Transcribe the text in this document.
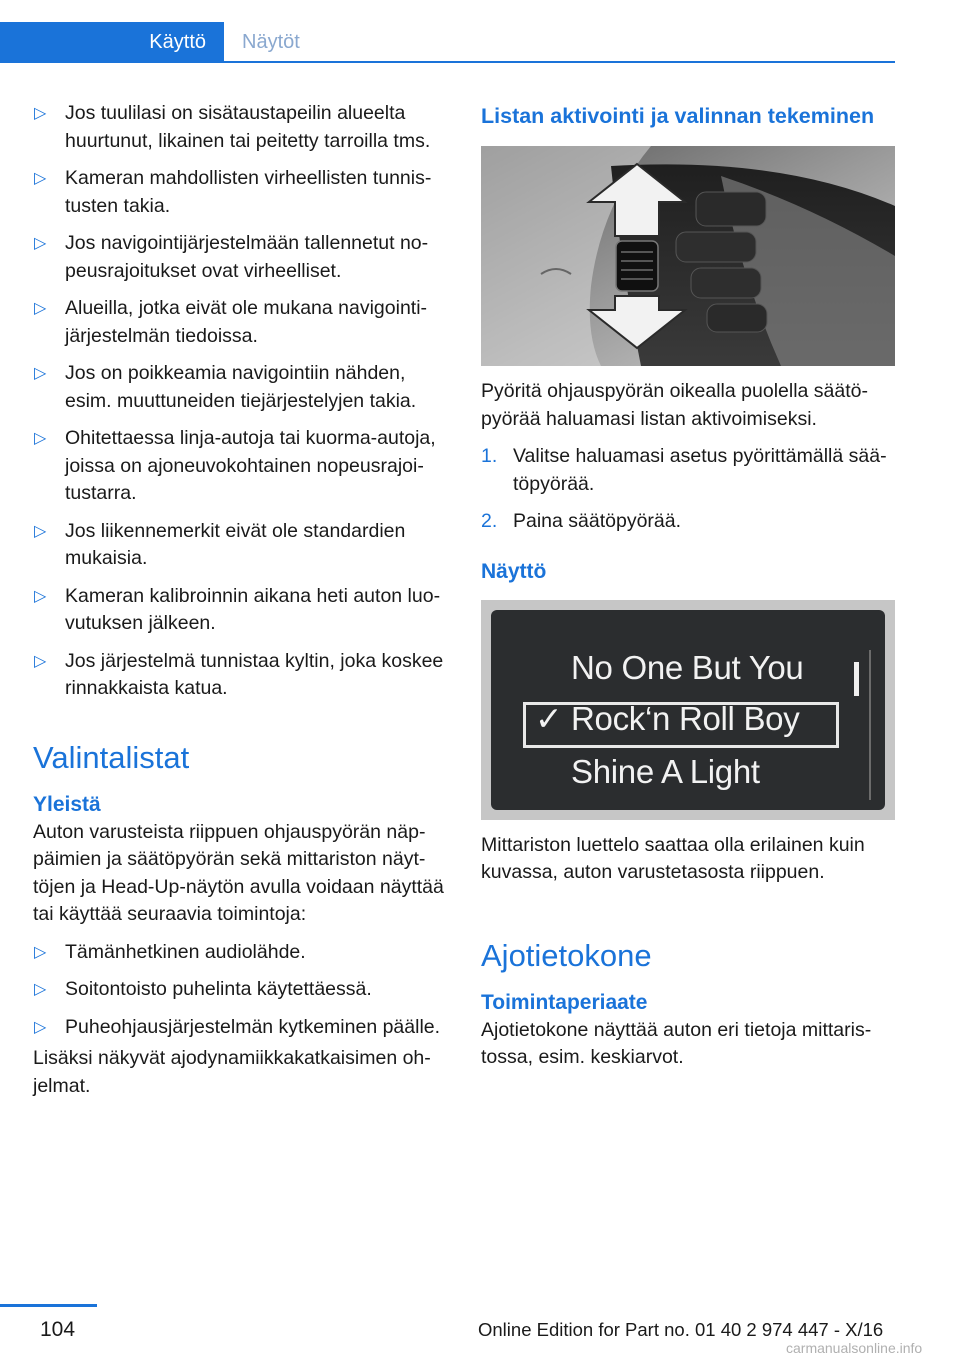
Käyttö	Näytöt
▷ Jos tuulilasi on sisätaustapeilin alueelta huurtunut, likainen tai peitetty tarroilla tms.
▷ Kameran mahdollisten virheellisten tunnistusten takia.
▷ Jos navigointijärjestelmään tallennetut nopeusrajoitukset ovat virheelliset.
▷ Alueilla, jotka eivät ole mukana navigointijärjestelmän tiedoissa.
▷ Jos on poikkeamia navigointiin nähden, esim. muuttuneiden tiejärjestelyjen takia.
▷ Ohitettaessa linja-autoja tai kuorma-autoja, joissa on ajoneuvokohtainen nopeusrajoitustarra.
▷ Jos liikennemerkit eivät ole standardien mukaisia.
▷ Kameran kalibroinnin aikana heti auton luovutuksen jälkeen.
▷ Jos järjestelmä tunnistaa kyltin, joka koskee rinnakkaista katua.
Valintalistat
Yleistä

Auton varusteista riippuen ohjauspyörän näppäimien ja säätöpyörän sekä mittariston näyttöjen ja Head-Up-näytön avulla voidaan näyttää tai käyttää seuraavia toimintoja:

▷ Tämänhetkinen audiolähde.
▷ Soitontoisto puhelinta käytettäessä.
▷ Puheohjausjärjestelmän kytkeminen päälle.

Lisäksi näkyvät ajodynamiikkakatkaisimen ohjelmat.

Listan aktivointi ja valinnan tekeminen

Pyöritä ohjauspyörän oikealla puolella säätöpyörää haluamasi listan aktivoimiseksi.

1. Valitse haluamasi asetus pyörittämällä säätöpyörää.
2. Paina säätöpyörää.
Näyttö
No One But You
✓ Rock‘n Roll Boy
Shine A Light

Mittariston luettelo saattaa olla erilainen kuin kuvassa, auton varustetasosta riippuen.

Ajotietokone
Toimintaperiaate

Ajotietokone näyttää auton eri tietoja mittaristossa, esim. keskiarvot.

104	Online Edition for Part no. 01 40 2 974 447 - X/16
carmanualsonline.info
